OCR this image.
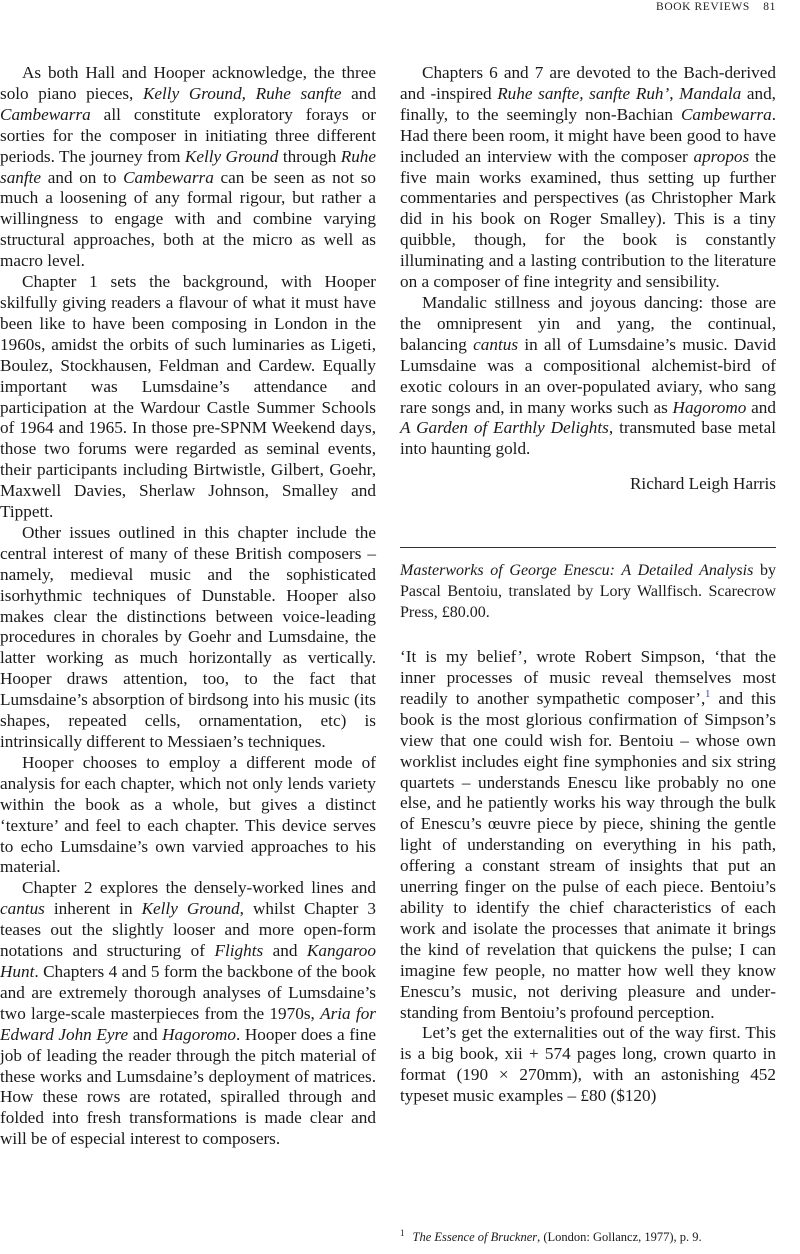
BOOK REVIEWS 81

As both Hall and Hooper acknowledge, the three solo piano pieces, Kelly Ground, Ruhe sanfte and Cambewarra all constitute exploratory forays or sorties for the composer in initiating three different periods. The journey from Kelly Ground through Ruhe sanfte and on to Cambewarra can be seen as not so much a loosening of any formal rigour, but rather a willingness to engage with and combine varying structural approaches, both at the micro as well as macro level.

Chapter 1 sets the background, with Hooper skilfully giving readers a flavour of what it must have been like to have been composing in London in the 1960s, amidst the orbits of such luminaries as Ligeti, Boulez, Stockhausen, Feldman and Cardew. Equally important was Lumsdaine’s attendance and participation at the Wardour Castle Summer Schools of 1964 and 1965. In those pre-SPNM Weekend days, those two forums were regarded as seminal events, their participants including Birtwistle, Gilbert, Goehr, Maxwell Davies, Sherlaw Johnson, Smalley and Tippett.

Other issues outlined in this chapter include the central interest of many of these British composers – namely, medieval music and the sophisticated isorhythmic techniques of Dunstable. Hooper also makes clear the distinctions between voice-leading procedures in chorales by Goehr and Lumsdaine, the latter working as much horizontally as vertically. Hooper draws attention, too, to the fact that Lumsdaine’s absorption of birdsong into his music (its shapes, repeated cells, ornamentation, etc) is intrinsically different to Messiaen’s techniques.

Hooper chooses to employ a different mode of analysis for each chapter, which not only lends variety within the book as a whole, but gives a distinct ‘texture’ and feel to each chapter. This device serves to echo Lumsdaine’s own varvied approaches to his material.

Chapter 2 explores the densely-worked lines and cantus inherent in Kelly Ground, whilst Chapter 3 teases out the slightly looser and more open-form notations and structuring of Flights and Kangaroo Hunt. Chapters 4 and 5 form the backbone of the book and are extremely thorough analyses of Lumsdaine’s two large-scale masterpieces from the 1970s, Aria for Edward John Eyre and Hagoromo. Hooper does a fine job of leading the reader through the pitch material of these works and Lumsdaine’s deployment of matrices. How these rows are rotated, spiralled through and folded into fresh transformations is made clear and will be of especial interest to composers.

Chapters 6 and 7 are devoted to the Bach-derived and -inspired Ruhe sanfte, sanfte Ruh’, Mandala and, finally, to the seemingly non-Bachian Cambewarra. Had there been room, it might have been good to have included an interview with the composer apropos the five main works examined, thus setting up further commentaries and perspectives (as Christopher Mark did in his book on Roger Smalley). This is a tiny quibble, though, for the book is constantly illuminating and a lasting contribution to the literature on a composer of fine integrity and sensibility.

Mandalic stillness and joyous dancing: those are the omnipresent yin and yang, the continual, balancing cantus in all of Lumsdaine’s music. David Lumsdaine was a compositional alchemist-bird of exotic colours in an over-populated aviary, who sang rare songs and, in many works such as Hagoromo and A Garden of Earthly Delights, transmuted base metal into haunting gold.

Richard Leigh Harris

Masterworks of George Enescu: A Detailed Analysis by Pascal Bentoiu, translated by Lory Wallfisch. Scarecrow Press, £80.00.

‘It is my belief’, wrote Robert Simpson, ‘that the inner processes of music reveal themselves most readily to another sympathetic composer’,$^1$ and this book is the most glorious confirmation of Simpson’s view that one could wish for. Bentoiu – whose own worklist includes eight fine symphonies and six string quartets – understands Enescu like probably no one else, and he patiently works his way through the bulk of Enescu’s œuvre piece by piece, shining the gentle light of understanding on everything in his path, offering a constant stream of insights that put an unerring finger on the pulse of each piece. Bentoiu’s ability to identify the chief characteristics of each work and isolate the processes that animate it brings the kind of revelation that quickens the pulse; I can imagine few people, no matter how well they know Enescu’s music, not deriving pleasure and understanding from Bentoiu’s profound perception.

Let’s get the externalities out of the way first. This is a big book, xii + 574 pages long, crown quarto in format (190 × 270mm), with an astonishing 452 typeset music examples – £80 ($120)

$^1$ The Essence of Bruckner, (London: Gollancz, 1977), p. 9.
